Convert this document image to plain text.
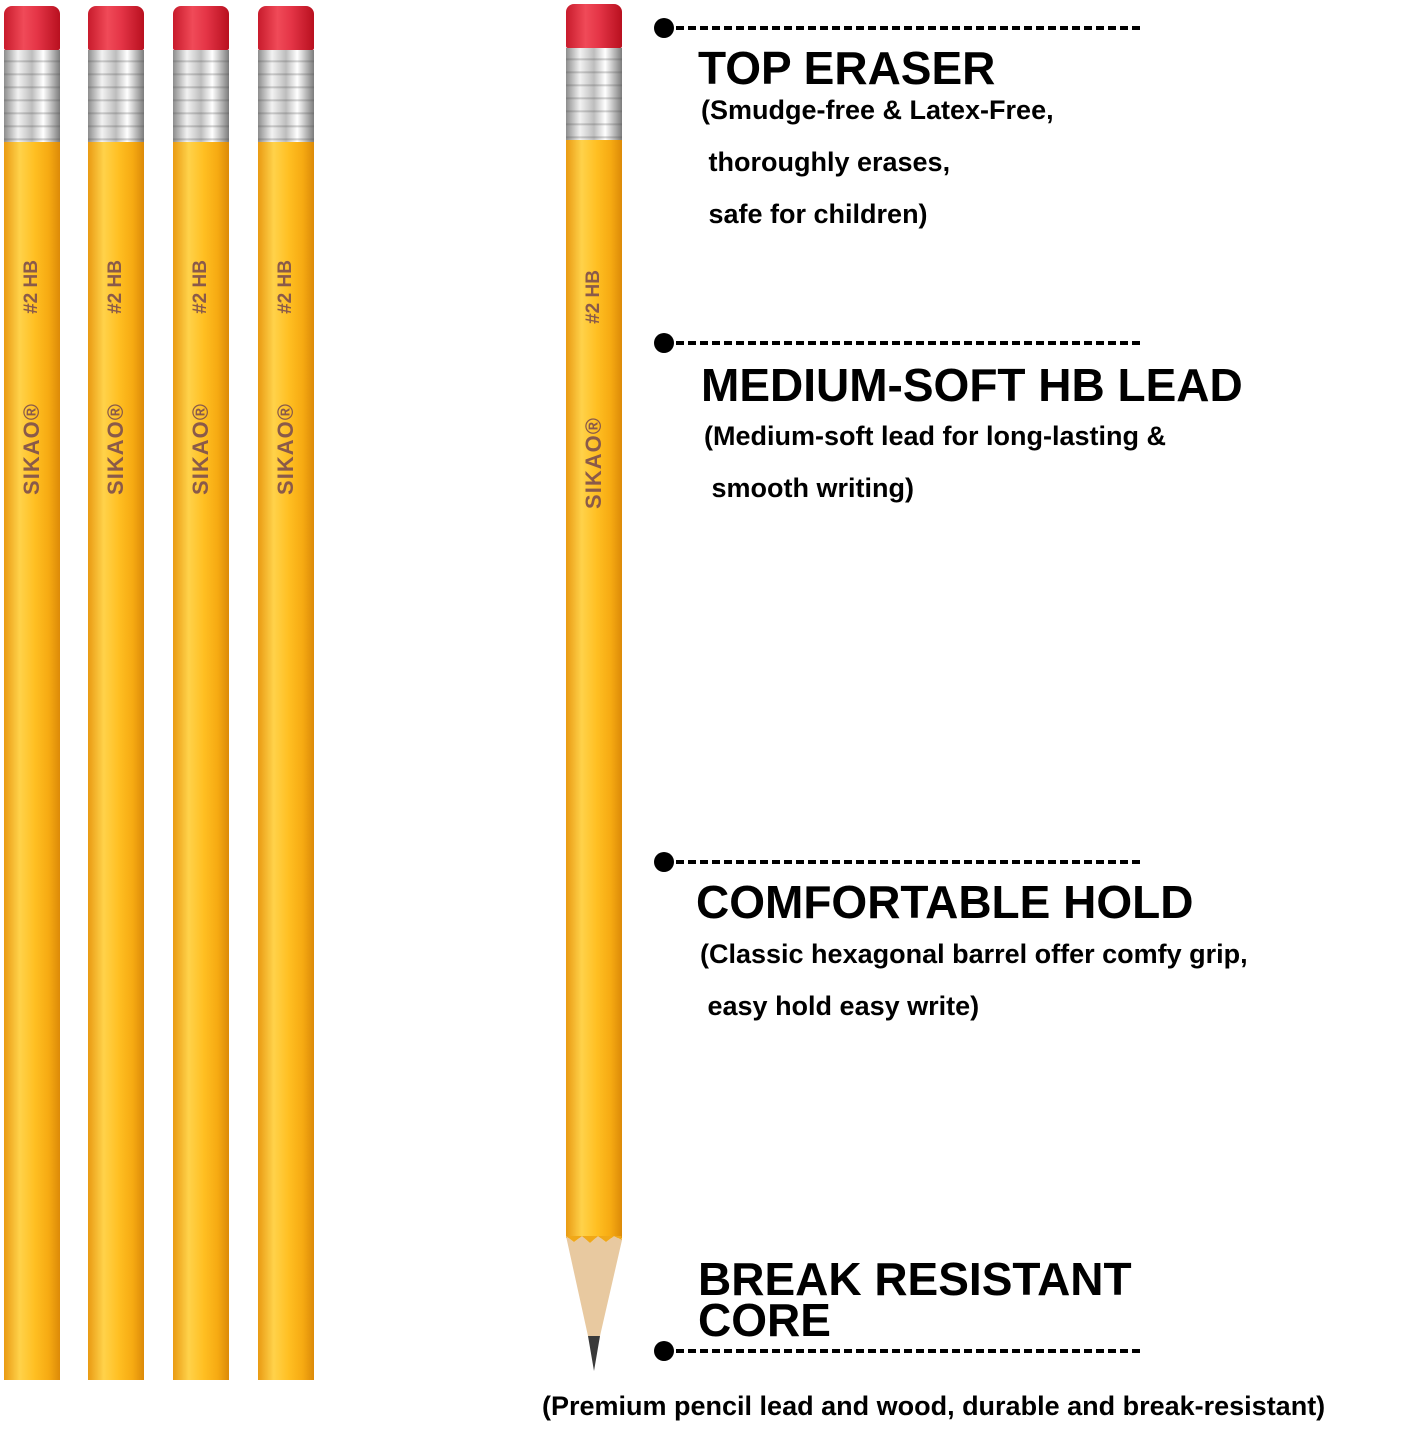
#2 HB
SIKAO®
#2 HB
SIKAO®
#2 HB
SIKAO®
#2 HB
SIKAO®
#2 HB
SIKAO®
TOP ERASER
(Smudge-free & Latex-Free,
thoroughly erases,
safe for children)
MEDIUM-SOFT HB LEAD
(Medium-soft lead for long-lasting &
smooth writing)
COMFORTABLE HOLD
(Classic hexagonal barrel offer comfy grip,
easy hold easy write)
BREAK RESISTANT
CORE
(Premium pencil lead and wood, durable and break-resistant)
